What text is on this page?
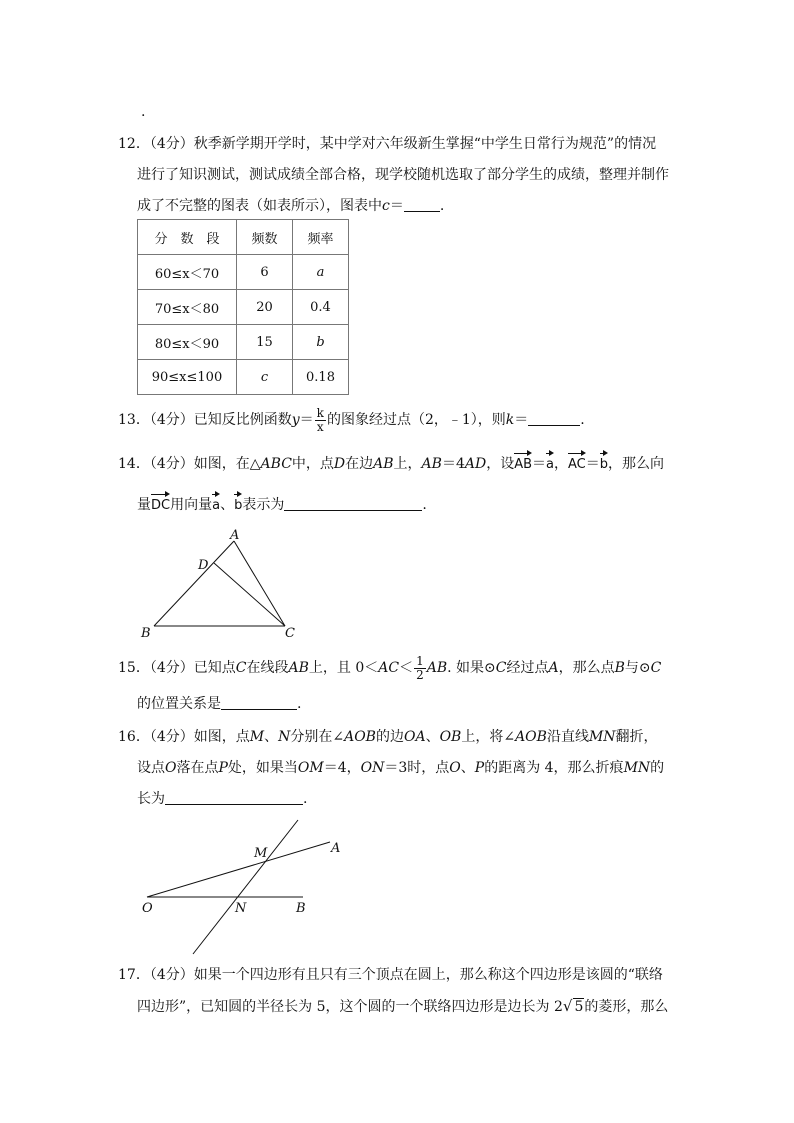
.
12．（4分）秋季新学期开学时，某中学对六年级新生掌握“中学生日常行为规范”的情况
进行了知识测试，测试成绩全部合格，现学校随机选取了部分学生的成绩，整理并制作
成了不完整的图表（如表所示），图表中c＝	.
分　数　段	频数	频率
60≤x＜70	6	a
70≤x＜80	20	0.4
80≤x＜90	15	b
90≤x≤100	c	0.18
13．（4分）已知反比例函数$y= \frac{k}{x}$ 的图象经过点（2，﹣1），则k＝	.
14．（4分）如图，在△ABC中，点D在边AB上，AB＝4AD，设AB＝a，AC＝b，那么向
量DC用向量a、b表示为	.
A
D
B	C
15．（4分）已知点C在线段AB上，且 $0<AC< \frac{1}{2}$ AB. 如果⊙C经过点A，那么点B与⊙C
的位置关系是	.
16．（4分）如图，点M、N分别在∠AOB的边OA、OB上，将∠AOB沿直线MN翻折，
设点O落在点P处，如果当OM＝4，ON＝3时，点O、P的距离为 4，那么折痕MN的
长为	.
M	A
O	N	B
17．（4分）如果一个四边形有且只有三个顶点在圆上，那么称这个四边形是该圆的“联络
四边形”，已知圆的半径长为 5，这个圆的一个联络四边形是边长为 2√ 5的菱形，那么
